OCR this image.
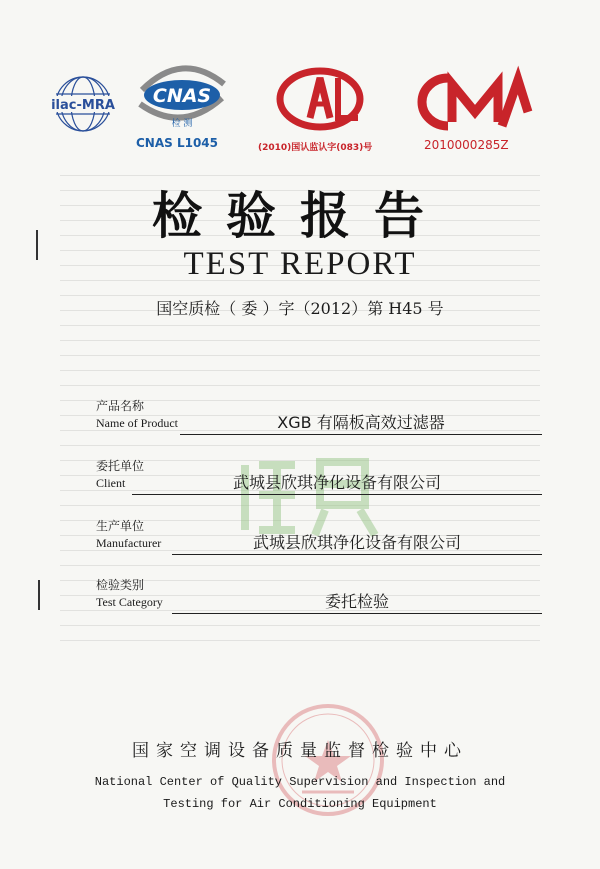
ilac-MRA CNAS
检 测
CNAS L1045
CAL
(2010)国认监认字(083)号
CMA
2010000285Z
检验报告
TEST REPORT
国空质检（ 委 ）字（2012）第 H45 号
产品名称
Name of Product	XGB 有隔板高效过滤器
委托单位
Client	武城县欣琪净化设备有限公司
生产单位
Manufacturer	武城县欣琪净化设备有限公司
检验类别
Test Category	委托检验
国家空调设备质量监督检验中心
National Center of Quality Supervision and Inspection and
Testing for Air Conditioning Equipment
